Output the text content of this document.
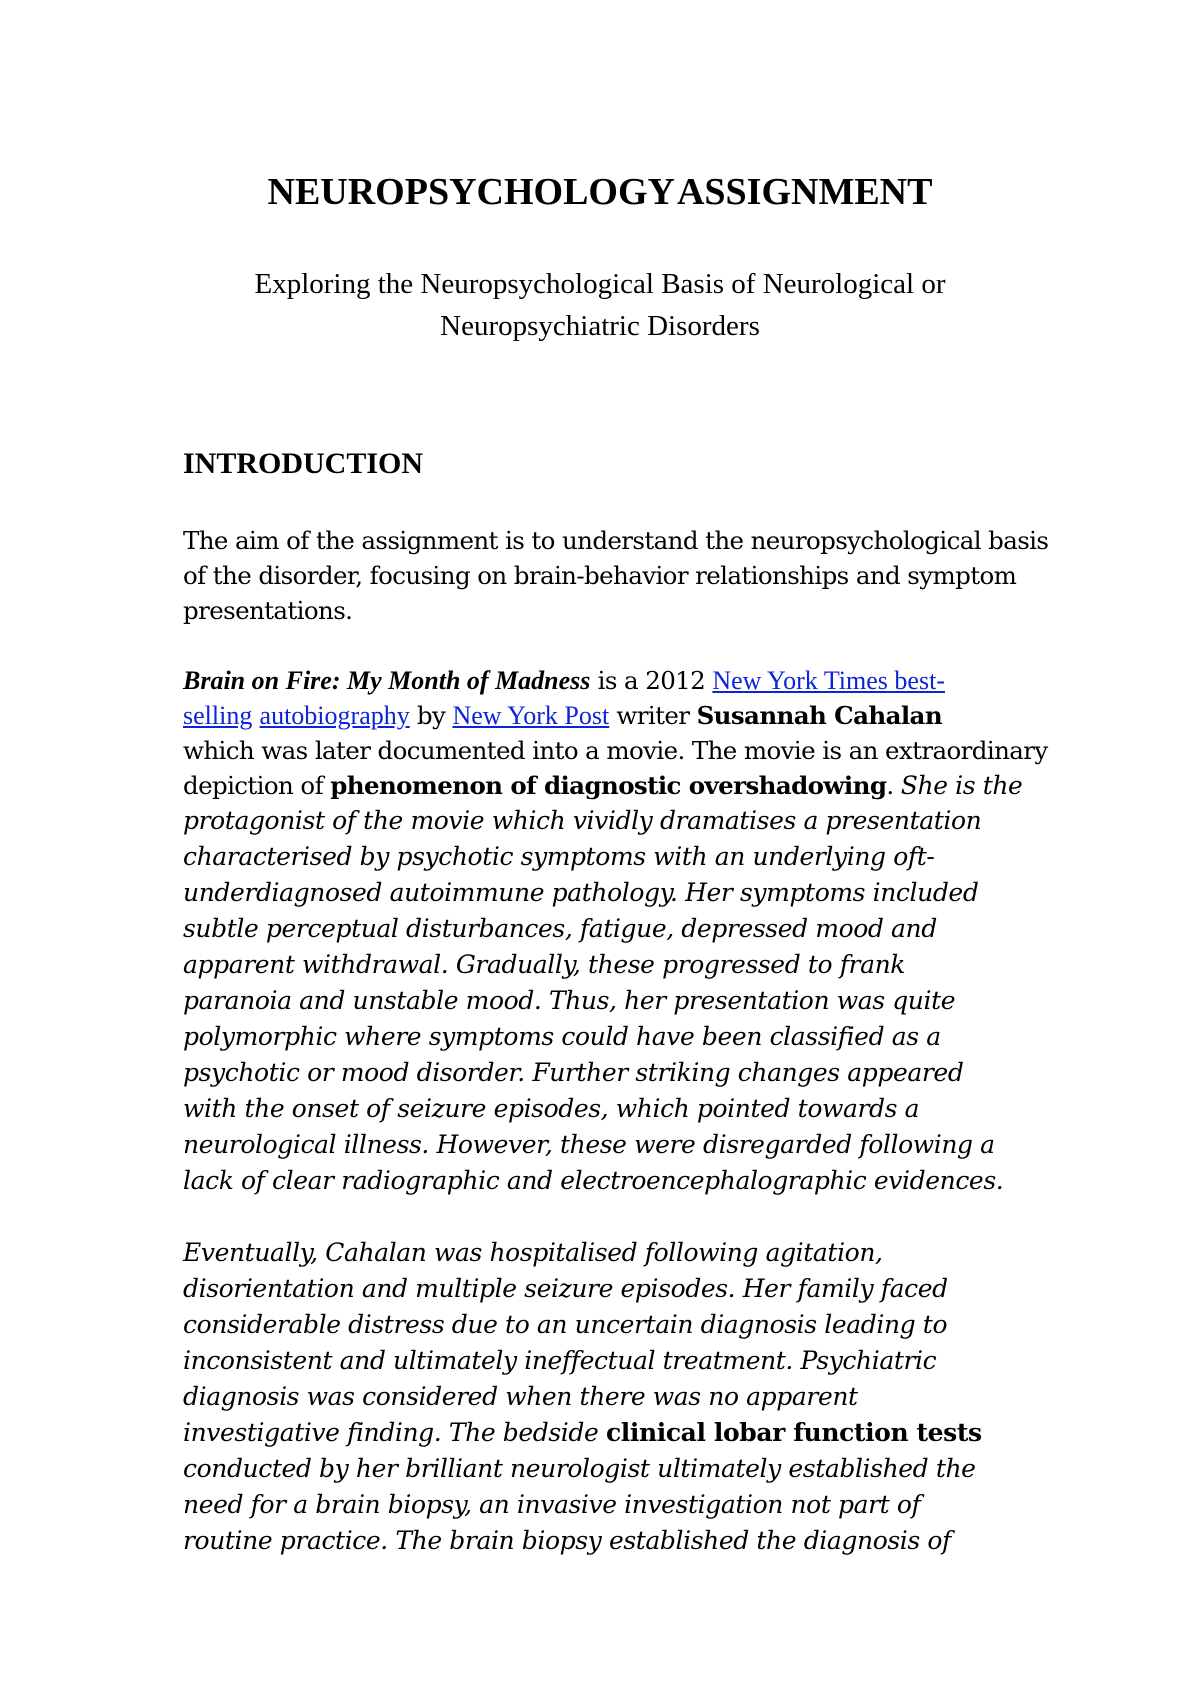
NEUROPSYCHOLOGY ASSIGNMENT
Exploring the Neuropsychological Basis of Neurological or
Neuropsychiatric Disorders
INTRODUCTION
The aim of the assignment is to understand the neuropsychological basis
of the disorder, focusing on brain-behavior relationships and symptom
presentations.
Brain on Fire: My Month of Madness is a 2012 New York Times best-
selling autobiography by New York Post writer Susannah Cahalan
which was later documented into a movie. The movie is an extraordinary
depiction of phenomenon of diagnostic overshadowing. She is the
protagonist of the movie which vividly dramatises a presentation
characterised by psychotic symptoms with an underlying oft-
underdiagnosed autoimmune pathology. Her symptoms included
subtle perceptual disturbances, fatigue, depressed mood and
apparent withdrawal. Gradually, these progressed to frank
paranoia and unstable mood. Thus, her presentation was quite
polymorphic where symptoms could have been classified as a
psychotic or mood disorder. Further striking changes appeared
with the onset of seizure episodes, which pointed towards a
neurological illness. However, these were disregarded following a
lack of clear radiographic and electroencephalographic evidences.
Eventually, Cahalan was hospitalised following agitation,
disorientation and multiple seizure episodes. Her family faced
considerable distress due to an uncertain diagnosis leading to
inconsistent and ultimately ineffectual treatment. Psychiatric
diagnosis was considered when there was no apparent
investigative finding. The bedside clinical lobar function tests
conducted by her brilliant neurologist ultimately established the
need for a brain biopsy, an invasive investigation not part of
routine practice. The brain biopsy established the diagnosis of
